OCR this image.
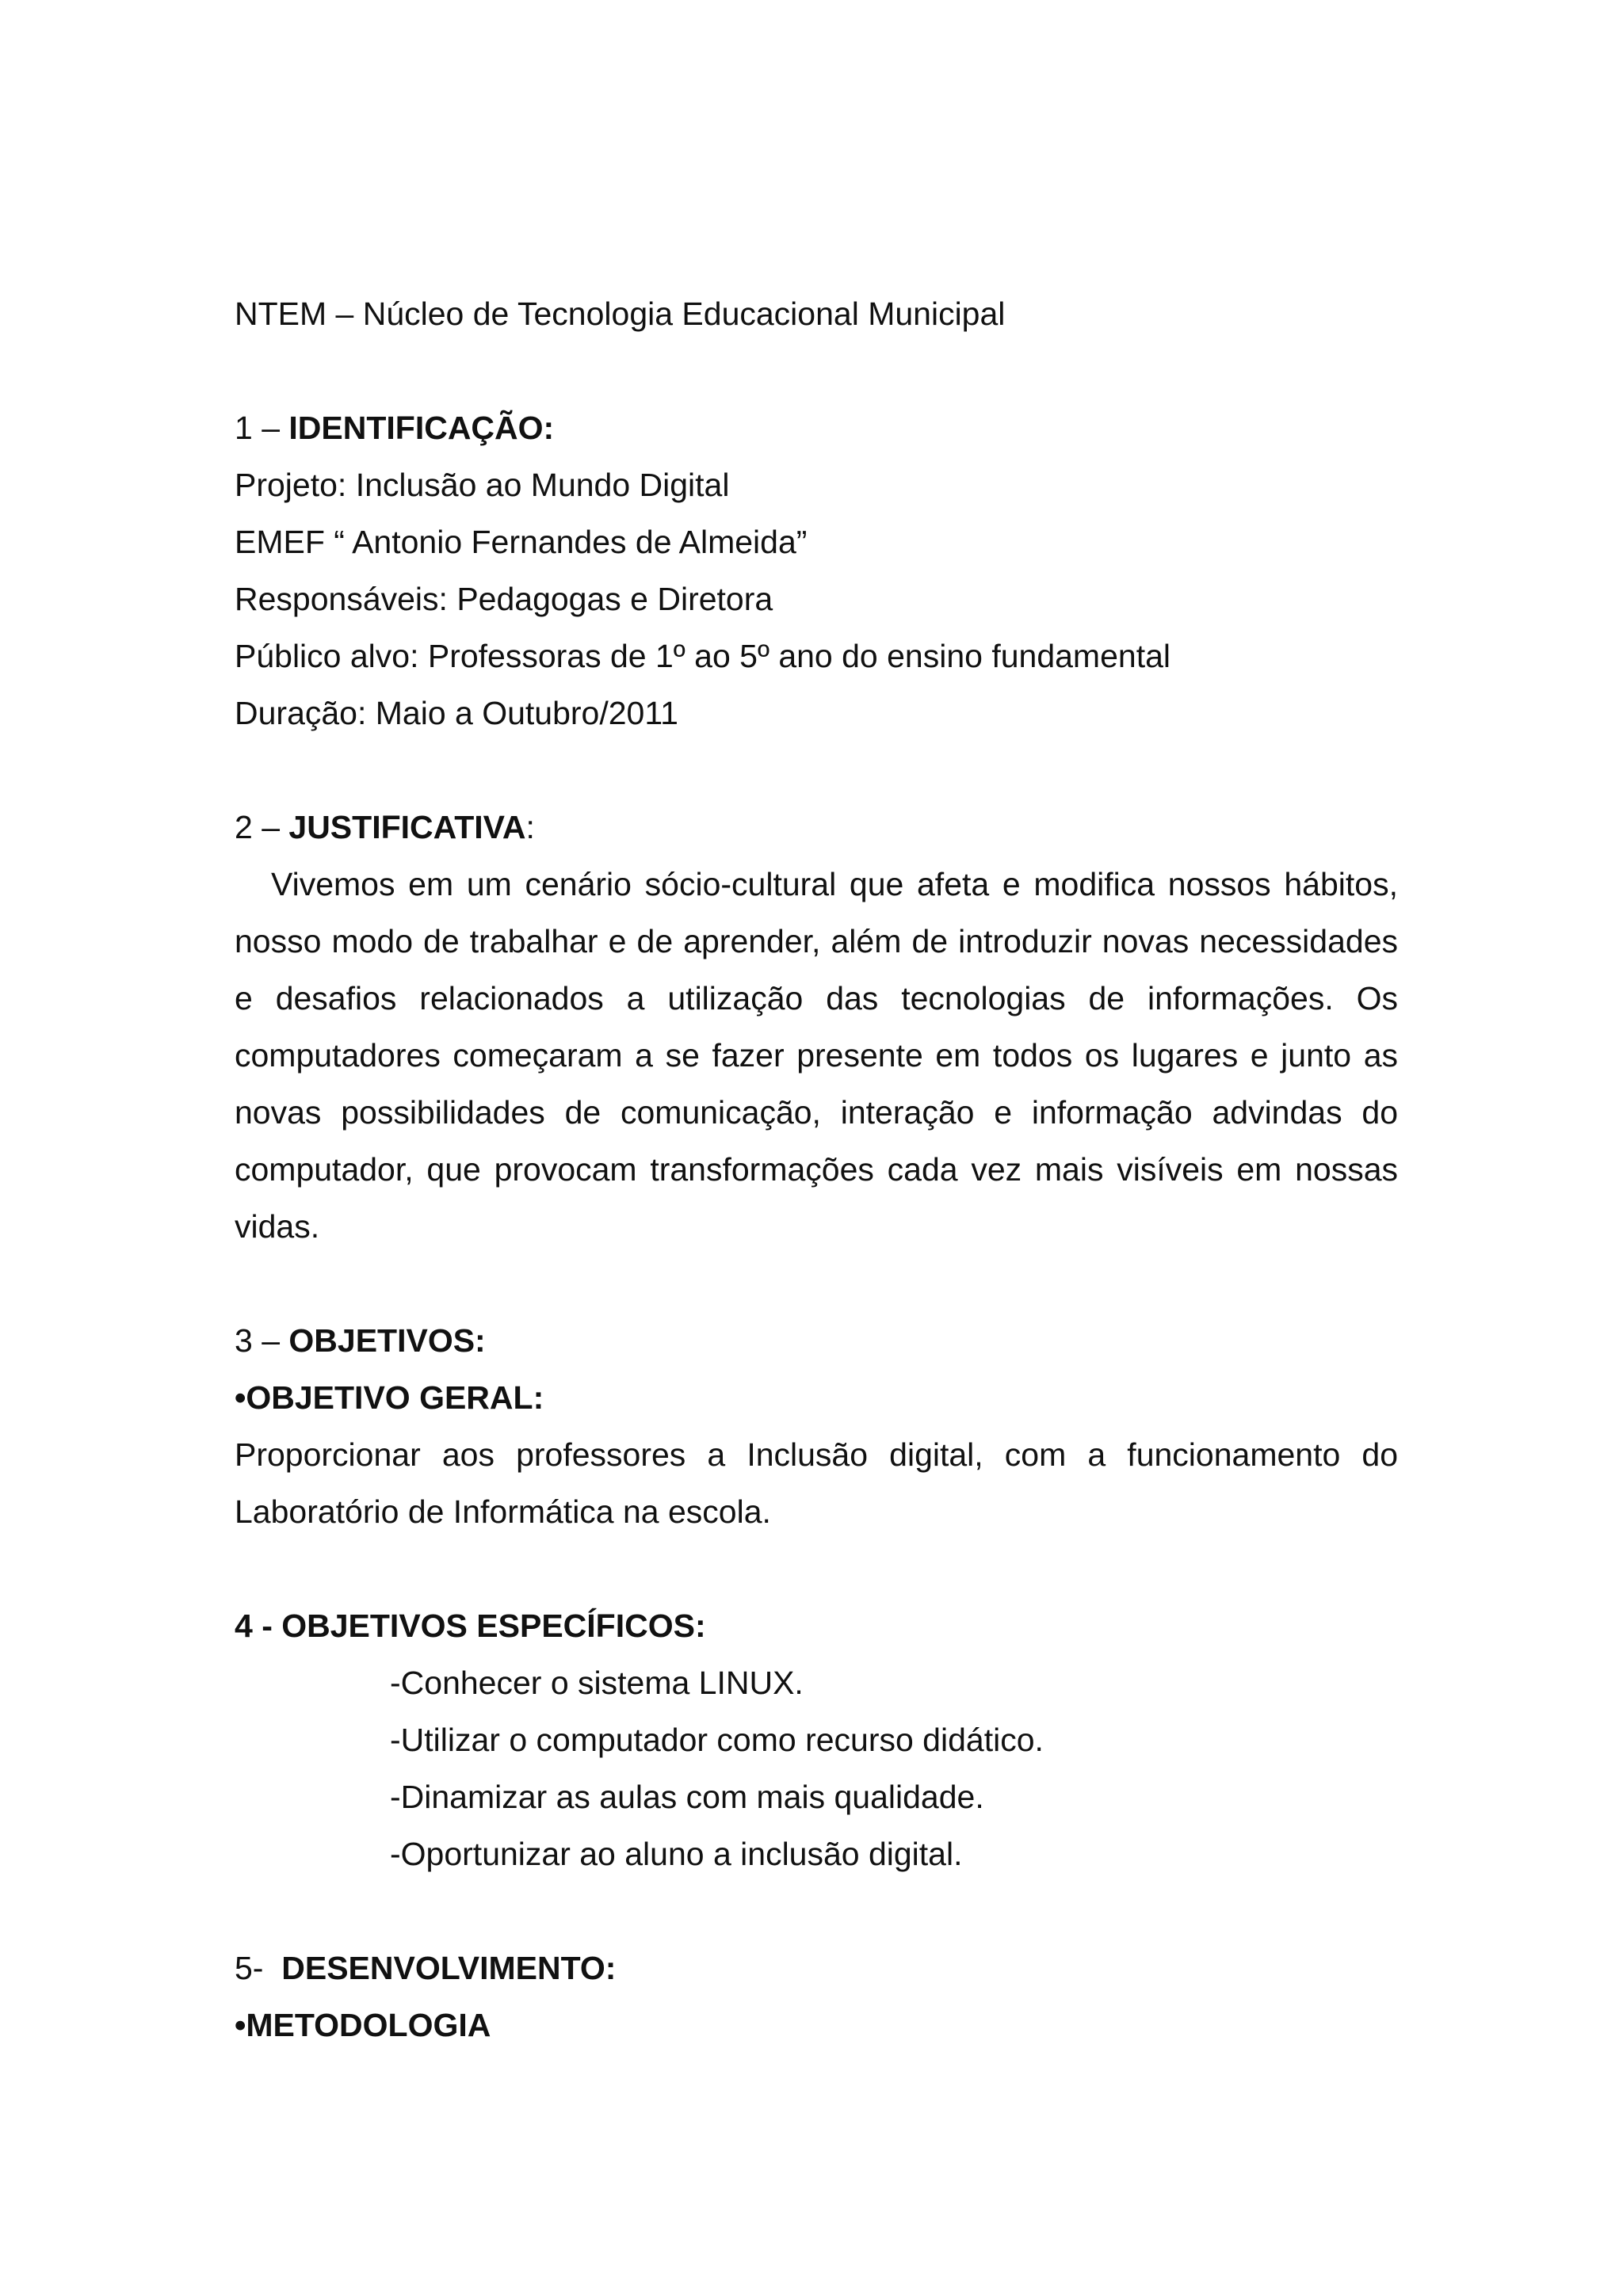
NTEM – Núcleo de Tecnologia Educacional Municipal
1 – IDENTIFICAÇÃO:
Projeto: Inclusão ao Mundo Digital
EMEF “ Antonio Fernandes de Almeida”
Responsáveis: Pedagogas e Diretora
Público alvo: Professoras de 1º ao 5º ano do ensino fundamental
Duração: Maio a Outubro/2011
2 – JUSTIFICATIVA:
Vivemos em um cenário sócio-cultural que afeta e modifica nossos hábitos, nosso modo de trabalhar e de aprender, além de introduzir novas necessidades e desafios relacionados a utilização das tecnologias de informações. Os computadores começaram a se fazer presente em todos os lugares e junto as novas possibilidades de comunicação, interação e informação advindas do computador, que provocam transformações cada vez mais visíveis em nossas vidas.
3 – OBJETIVOS:
•OBJETIVO GERAL:
Proporcionar aos professores a Inclusão digital, com a funcionamento do Laboratório de Informática na escola.
4 - OBJETIVOS ESPECÍFICOS:
-Conhecer o sistema LINUX.
-Utilizar o computador como recurso didático.
-Dinamizar as aulas com mais qualidade.
-Oportunizar ao aluno a inclusão digital.
5-  DESENVOLVIMENTO:
•METODOLOGIA
